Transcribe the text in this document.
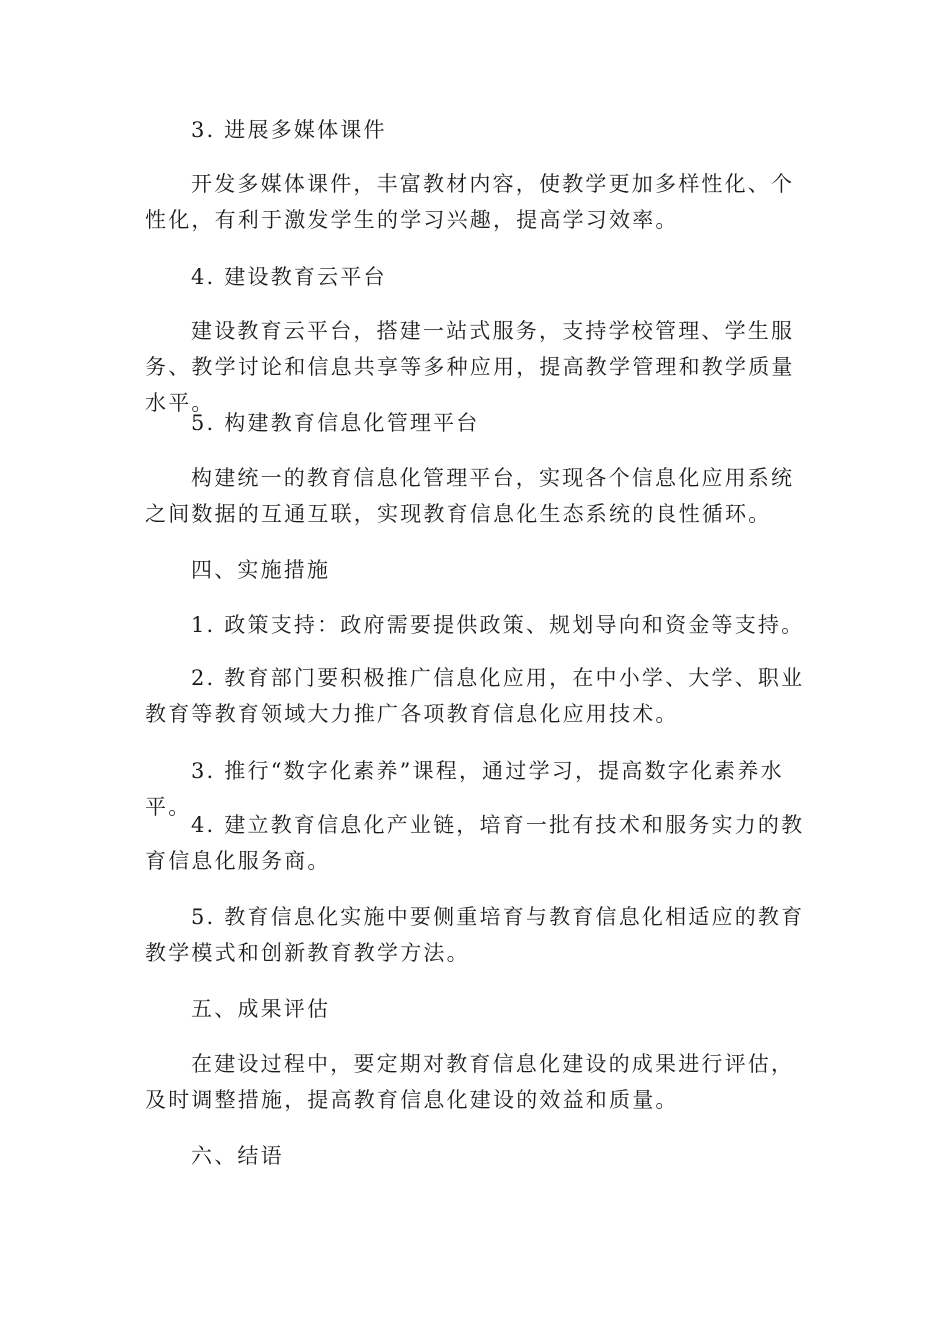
3. 进展多媒体课件

开发多媒体课件，丰富教材内容，使教学更加多样性化、个性化，有利于激发学生的学习兴趣，提高学习效率。

4. 建设教育云平台

建设教育云平台，搭建一站式服务，支持学校管理、学生服务、教学讨论和信息共享等多种应用，提高教学管理和教学质量水平。

5. 构建教育信息化管理平台

构建统一的教育信息化管理平台，实现各个信息化应用系统之间数据的互通互联，实现教育信息化生态系统的良性循环。

四、实施措施

1. 政策支持：政府需要提供政策、规划导向和资金等支持。

2. 教育部门要积极推广信息化应用，在中小学、大学、职业教育等教育领域大力推广各项教育信息化应用技术。

3. 推行“数字化素养”课程，通过学习，提高数字化素养水平。

4. 建立教育信息化产业链，培育一批有技术和服务实力的教育信息化服务商。

5. 教育信息化实施中要侧重培育与教育信息化相适应的教育教学模式和创新教育教学方法。

五、成果评估

在建设过程中，要定期对教育信息化建设的成果进行评估，及时调整措施，提高教育信息化建设的效益和质量。

六、结语
